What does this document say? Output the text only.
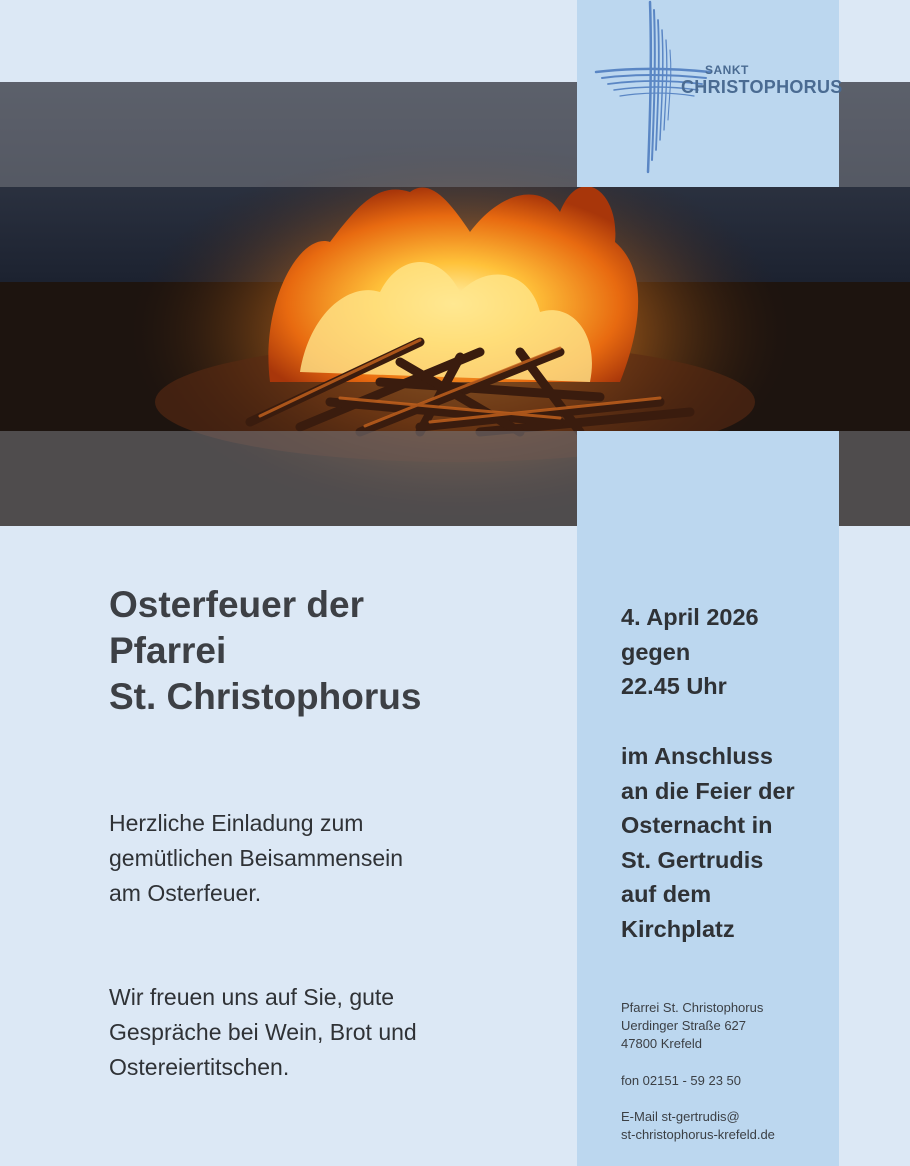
SANKT
CHRISTOPHORUS
Osterfeuer der
Pfarrei
St. Christophorus
Herzliche Einladung zum
gemütlichen Beisammensein
am Osterfeuer.
Wir freuen uns auf Sie, gute
Gespräche bei Wein, Brot und
Ostereiertitschen.
4. April 2026
gegen
22.45 Uhr
im Anschluss
an die Feier der
Osternacht in
St. Gertrudis
auf dem
Kirchplatz
Pfarrei St. Christophorus
Uerdinger Straße 627
47800 Krefeld
fon 02151 - 59 23 50
E-Mail st-gertrudis@
st-christophorus-krefeld.de
